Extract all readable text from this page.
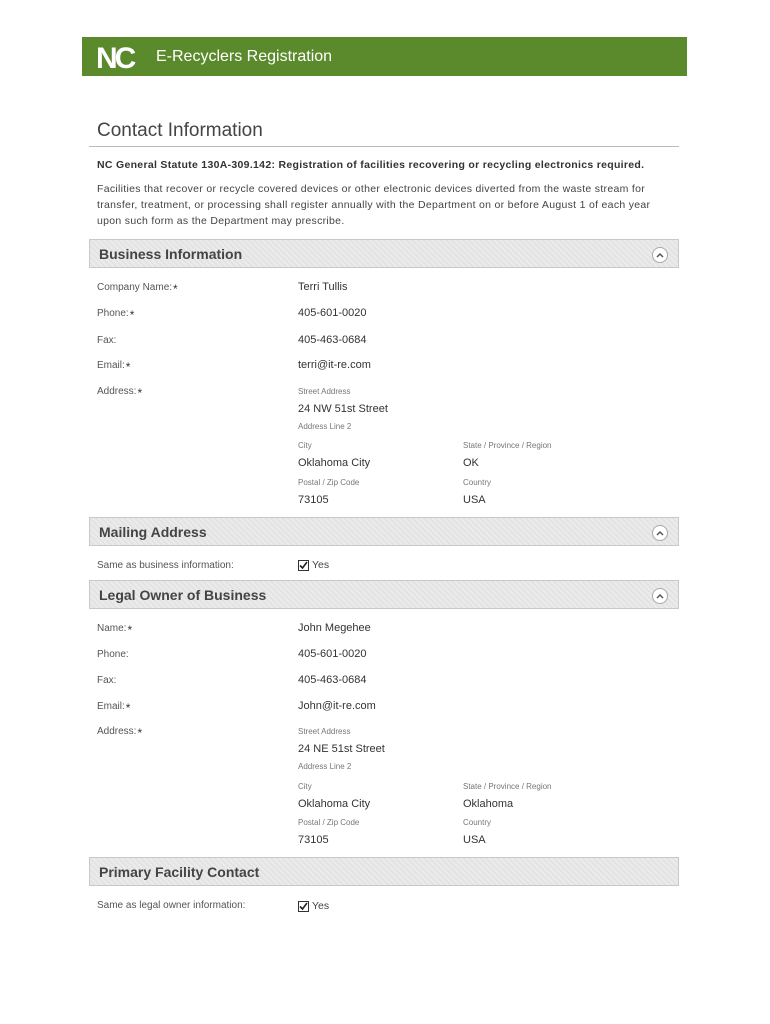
NC E-Recyclers Registration
Contact Information
NC General Statute 130A-309.142: Registration of facilities recovering or recycling electronics required.
Facilities that recover or recycle covered devices or other electronic devices diverted from the waste stream for transfer, treatment, or processing shall register annually with the Department on or before August 1 of each year upon such form as the Department may prescribe.
Business Information
Company Name:*	Terri Tullis
Phone:*	405-601-0020
Fax:	405-463-0684
Email:*	terri@it-re.com
Address:*	Street Address
24 NW 51st Street
Address Line 2
City	State / Province / Region
Oklahoma City	OK
Postal / Zip Code	Country
73105	USA
Mailing Address
Same as business information:	Yes
Legal Owner of Business
Name:*	John Megehee
Phone:	405-601-0020
Fax:	405-463-0684
Email:*	John@it-re.com
Address:*	Street Address
24 NE 51st Street
Address Line 2
City	State / Province / Region
Oklahoma City	Oklahoma
Postal / Zip Code	Country
73105	USA
Primary Facility Contact
Same as legal owner information:	Yes
